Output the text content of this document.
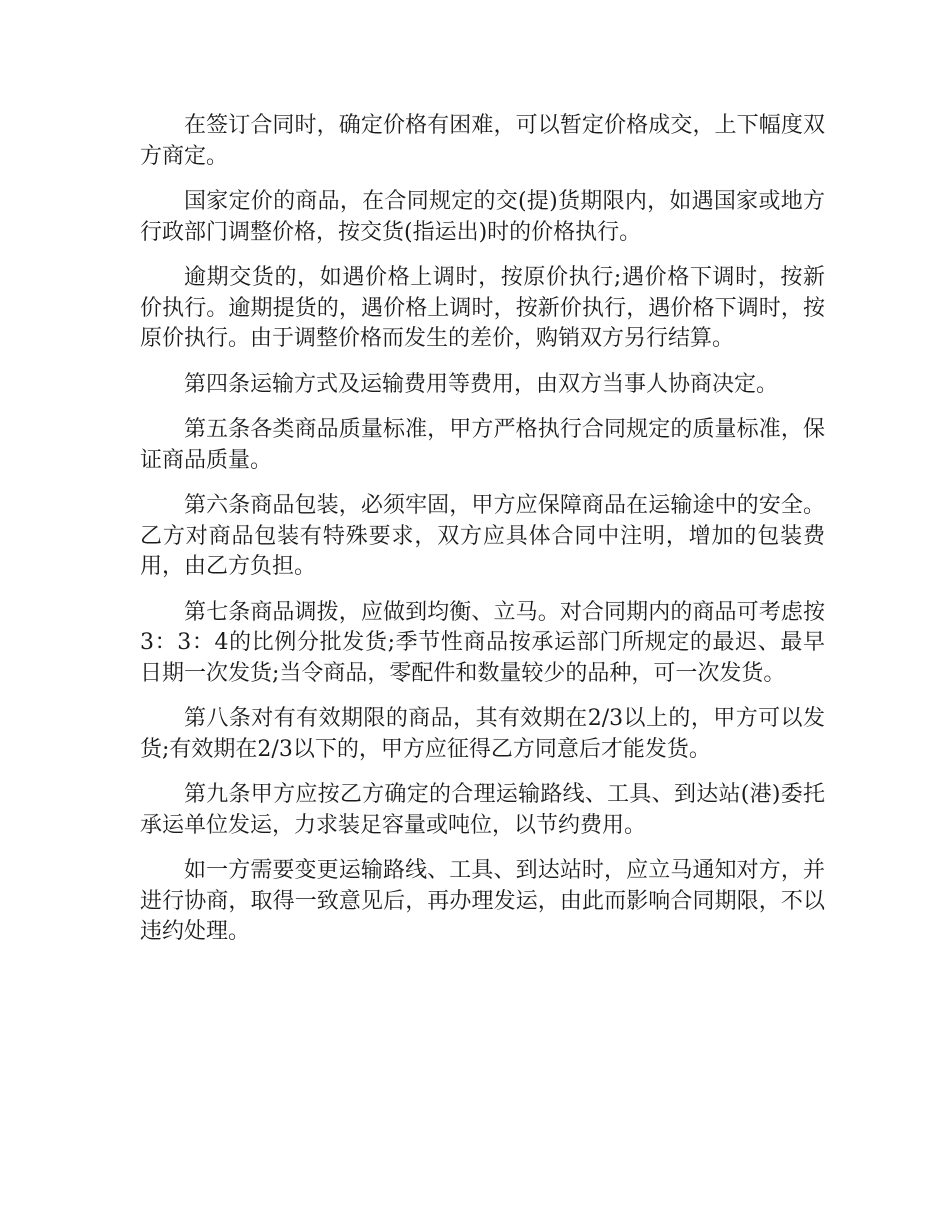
在签订合同时，确定价格有困难，可以暂定价格成交，上下幅度双方商定。

国家定价的商品，在合同规定的交(提)货期限内，如遇国家或地方行政部门调整价格，按交货(指运出)时的价格执行。

逾期交货的，如遇价格上调时，按原价执行;遇价格下调时，按新价执行。逾期提货的，遇价格上调时，按新价执行，遇价格下调时，按原价执行。由于调整价格而发生的差价，购销双方另行结算。

第四条运输方式及运输费用等费用，由双方当事人协商决定。

第五条各类商品质量标准，甲方严格执行合同规定的质量标准，保证商品质量。

第六条商品包装，必须牢固，甲方应保障商品在运输途中的安全。乙方对商品包装有特殊要求，双方应具体合同中注明，增加的包装费用，由乙方负担。

第七条商品调拨，应做到均衡、立马。对合同期内的商品可考虑按3：3：4的比例分批发货;季节性商品按承运部门所规定的最迟、最早日期一次发货;当令商品，零配件和数量较少的品种，可一次发货。

第八条对有有效期限的商品，其有效期在2/3以上的，甲方可以发货;有效期在2/3以下的，甲方应征得乙方同意后才能发货。

第九条甲方应按乙方确定的合理运输路线、工具、到达站(港)委托承运单位发运，力求装足容量或吨位，以节约费用。

如一方需要变更运输路线、工具、到达站时，应立马通知对方，并进行协商，取得一致意见后，再办理发运，由此而影响合同期限，不以违约处理。
